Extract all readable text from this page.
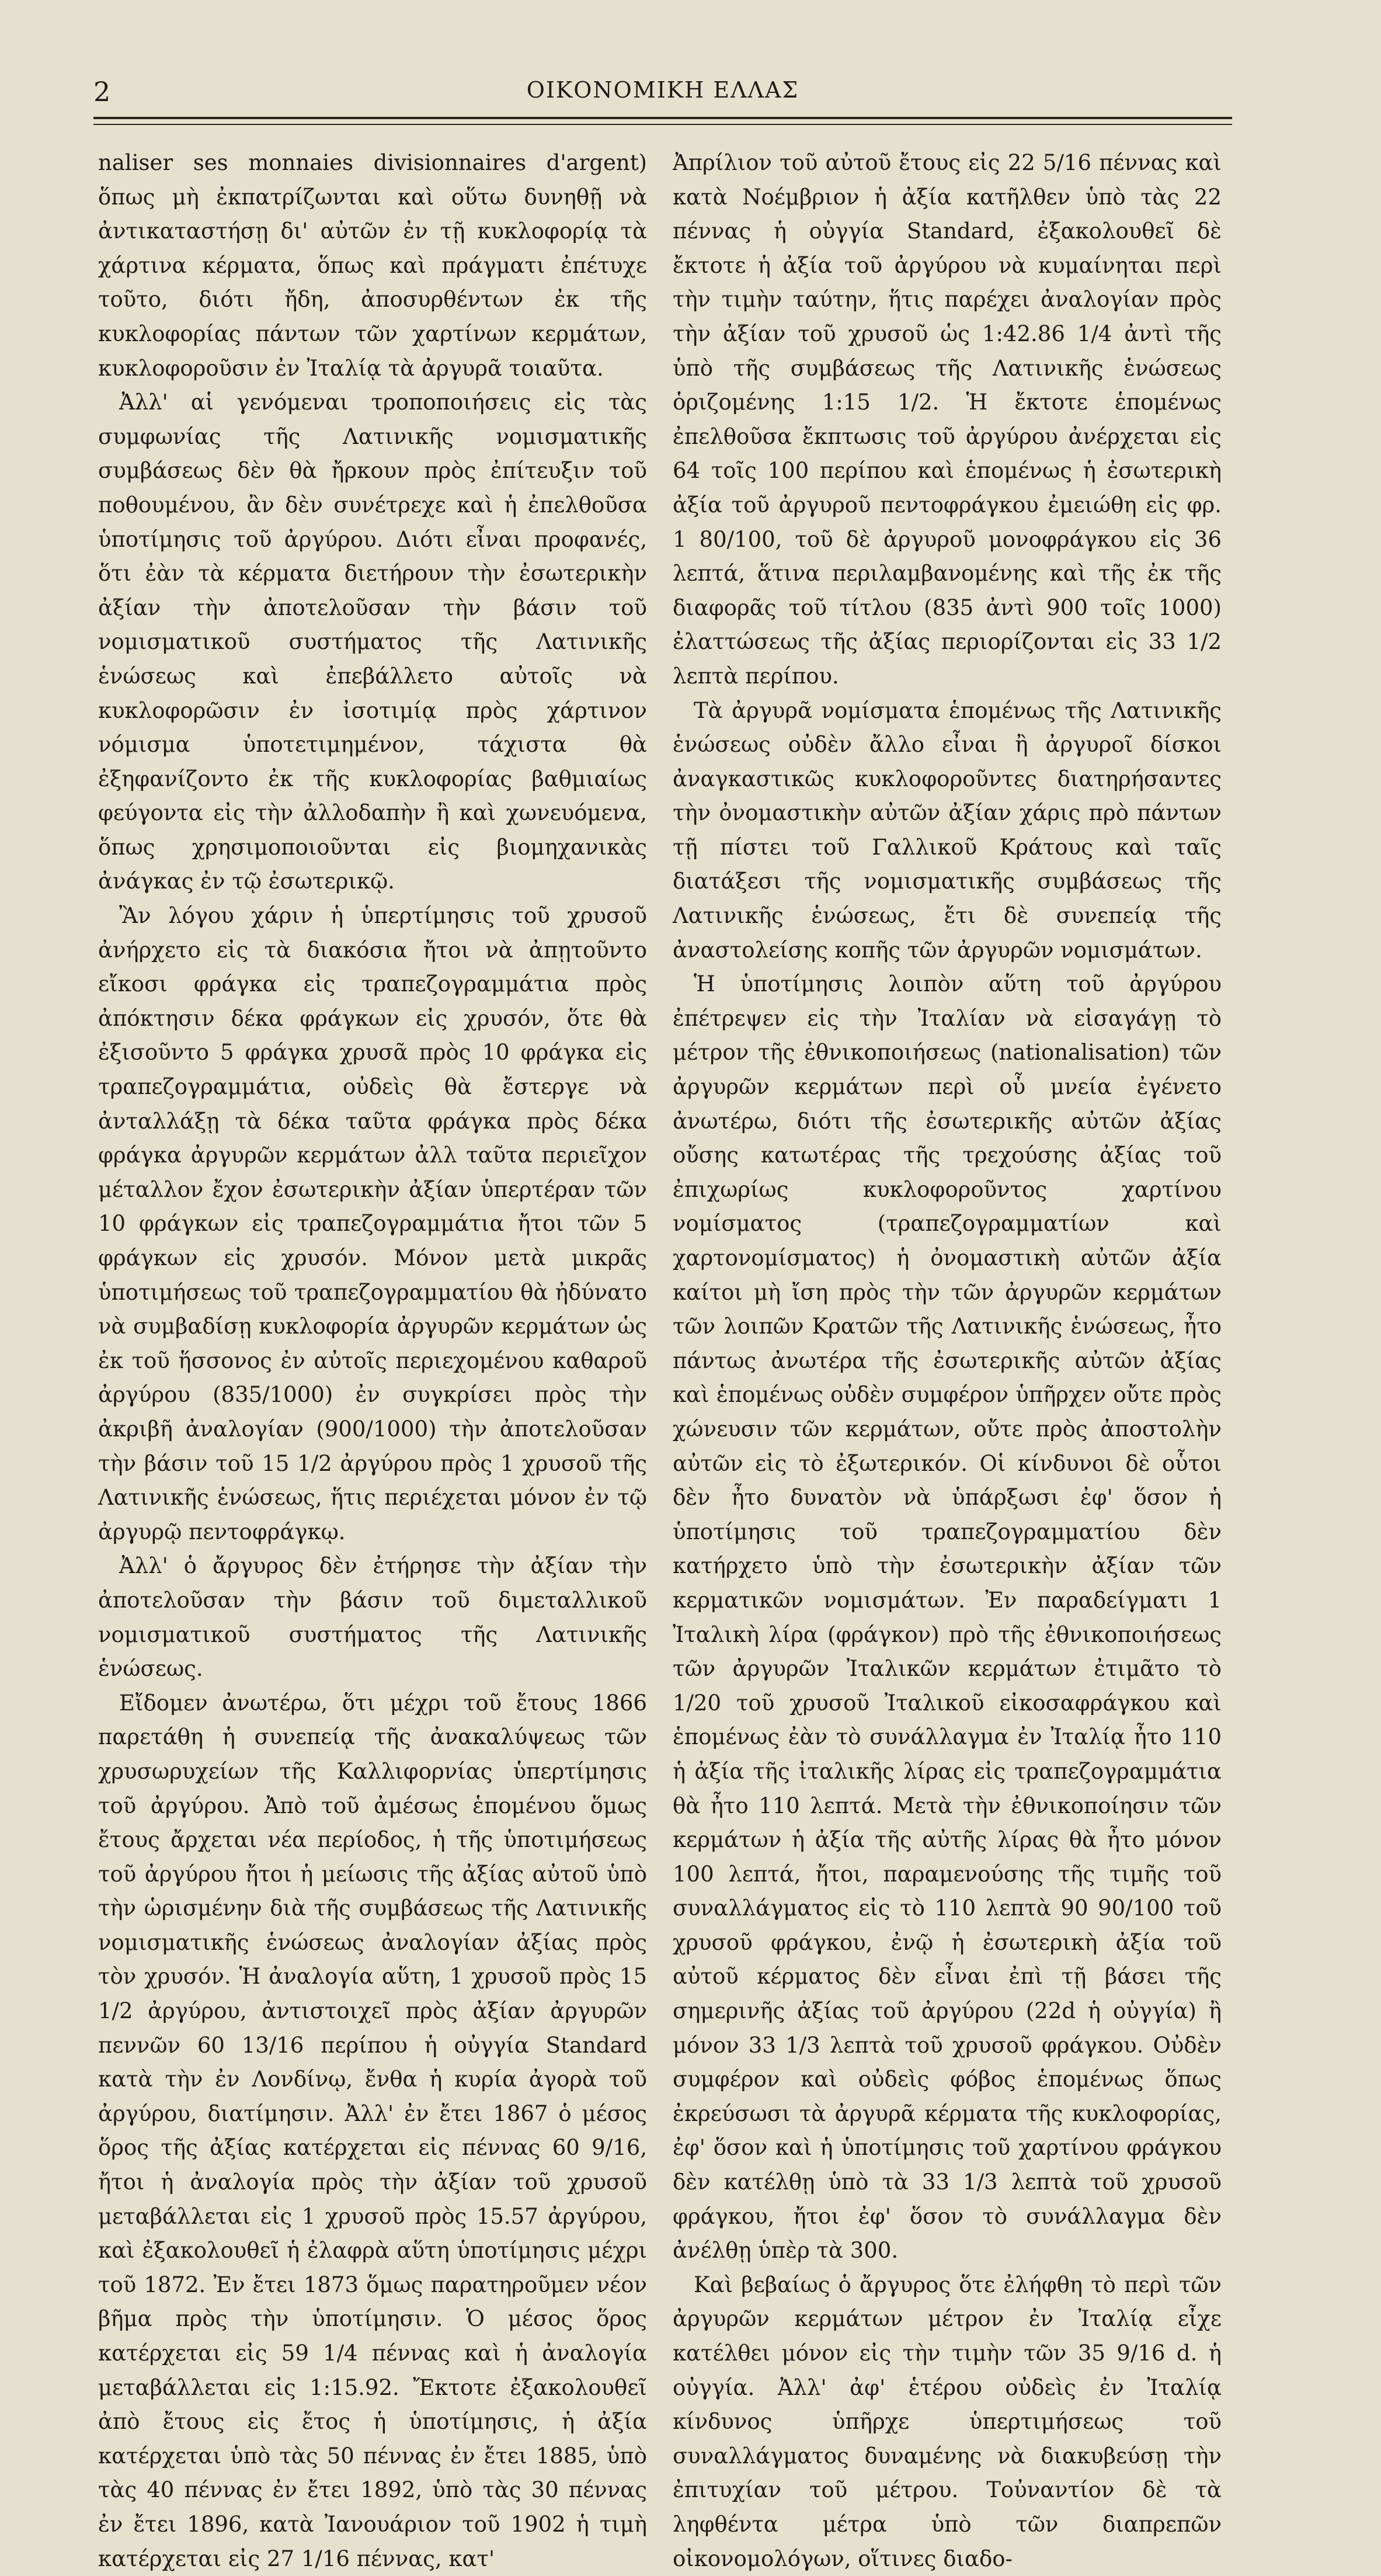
2	ΟΙΚΟΝΟΜΙΚΗ ΕΛΛΑΣ

naliser ses monnaies divisionnaires d'argent) ὅπως μὴ ἐκπατρίζωνται καὶ οὕτω δυνηθῇ νὰ ἀντικαταστήσῃ δι' αὐτῶν ἐν τῇ κυκλοφορίᾳ τὰ χάρτινα κέρματα, ὅπως καὶ πράγματι ἐπέτυχε τοῦτο, διότι ἤδη, ἀποσυρθέντων ἐκ τῆς κυκλοφορίας πάντων τῶν χαρτίνων κερμάτων, κυκλοφοροῦσιν ἐν Ἰταλίᾳ τὰ ἀργυρᾶ τοιαῦτα.

Ἀλλ' αἱ γενόμεναι τροποποιήσεις εἰς τὰς συμφωνίας τῆς Λατινικῆς νομισματικῆς συμβάσεως δὲν θὰ ἤρκουν πρὸς ἐπίτευξιν τοῦ ποθουμένου, ἂν δὲν συνέτρεχε καὶ ἡ ἐπελθοῦσα ὑποτίμησις τοῦ ἀργύρου. Διότι εἶναι προφανές, ὅτι ἐὰν τὰ κέρματα διετήρουν τὴν ἐσωτερικὴν ἀξίαν τὴν ἀποτελοῦσαν τὴν βάσιν τοῦ νομισματικοῦ συστήματος τῆς Λατινικῆς ἑνώσεως καὶ ἐπεβάλλετο αὐτοῖς νὰ κυκλοφορῶσιν ἐν ἰσοτιμίᾳ πρὸς χάρτινον νόμισμα ὑποτετιμημένον, τάχιστα θὰ ἐξηφανίζοντο ἐκ τῆς κυκλοφορίας βαθμιαίως φεύγοντα εἰς τὴν ἀλλοδαπὴν ἢ καὶ χωνευόμενα, ὅπως χρησιμοποιοῦνται εἰς βιομηχανικὰς ἀνάγκας ἐν τῷ ἐσωτερικῷ.

Ἂν λόγου χάριν ἡ ὑπερτίμησις τοῦ χρυσοῦ ἀνήρχετο εἰς τὰ διακόσια ἤτοι νὰ ἀπῃτοῦντο εἴκοσι φράγκα εἰς τραπεζογραμμάτια πρὸς ἀπόκτησιν δέκα φράγκων εἰς χρυσόν, ὅτε θὰ ἐξισοῦντο 5 φράγκα χρυσᾶ πρὸς 10 φράγκα εἰς τραπεζογραμμάτια, οὐδεὶς θὰ ἔστεργε νὰ ἀνταλλάξῃ τὰ δέκα ταῦτα φράγκα πρὸς δέκα φράγκα ἀργυρῶν κερμάτων ἀλλ ταῦτα περιεῖχον μέταλλον ἔχον ἐσωτερικὴν ἀξίαν ὑπερτέραν τῶν 10 φράγκων εἰς τραπεζογραμμάτια ἤτοι τῶν 5 φράγκων εἰς χρυσόν. Μόνον μετὰ μικρᾶς ὑποτιμήσεως τοῦ τραπεζογραμματίου θὰ ἠδύνατο νὰ συμβαδίσῃ κυκλοφορία ἀργυρῶν κερμάτων ὡς ἐκ τοῦ ἥσσονος ἐν αὐτοῖς περιεχομένου καθαροῦ ἀργύρου (835/1000) ἐν συγκρίσει πρὸς τὴν ἀκριβῆ ἀναλογίαν (900/1000) τὴν ἀποτελοῦσαν τὴν βάσιν τοῦ 15 1/2 ἀργύρου πρὸς 1 χρυσοῦ τῆς Λατινικῆς ἑνώσεως, ἥτις περιέχεται μόνον ἐν τῷ ἀργυρῷ πεντοφράγκῳ.

Ἀλλ' ὁ ἄργυρος δὲν ἐτήρησε τὴν ἀξίαν τὴν ἀποτελοῦσαν τὴν βάσιν τοῦ διμεταλλικοῦ νομισματικοῦ συστήματος τῆς Λατινικῆς ἑνώσεως.

Εἴδομεν ἀνωτέρω, ὅτι μέχρι τοῦ ἔτους 1866 παρετάθη ἡ συνεπείᾳ τῆς ἀνακαλύψεως τῶν χρυσωρυχείων τῆς Καλλιφορνίας ὑπερτίμησις τοῦ ἀργύρου. Ἀπὸ τοῦ ἀμέσως ἑπομένου ὅμως ἔτους ἄρχεται νέα περίοδος, ἡ τῆς ὑποτιμήσεως τοῦ ἀργύρου ἤτοι ἡ μείωσις τῆς ἀξίας αὐτοῦ ὑπὸ τὴν ὡρισμένην διὰ τῆς συμβάσεως τῆς Λατινικῆς νομισματικῆς ἑνώσεως ἀναλογίαν ἀξίας πρὸς τὸν χρυσόν. Ἡ ἀναλογία αὕτη, 1 χρυσοῦ πρὸς 15 1/2 ἀργύρου, ἀντιστοιχεῖ πρὸς ἀξίαν ἀργυρῶν πεννῶν 60 13/16 περίπου ἡ οὐγγία Standard κατὰ τὴν ἐν Λονδίνῳ, ἔνθα ἡ κυρία ἀγορὰ τοῦ ἀργύρου, διατίμησιν. Ἀλλ' ἐν ἔτει 1867 ὁ μέσος ὅρος τῆς ἀξίας κατέρχεται εἰς πέννας 60 9/16, ἤτοι ἡ ἀναλογία πρὸς τὴν ἀξίαν τοῦ χρυσοῦ μεταβάλλεται εἰς 1 χρυσοῦ πρὸς 15.57 ἀργύρου, καὶ ἐξακολουθεῖ ἡ ἐλαφρὰ αὕτη ὑποτίμησις μέχρι τοῦ 1872. Ἐν ἔτει 1873 ὅμως παρατηροῦμεν νέον βῆμα πρὸς τὴν ὑποτίμησιν. Ὁ μέσος ὅρος κατέρχεται εἰς 59 1/4 πέννας καὶ ἡ ἀναλογία μεταβάλλεται εἰς 1:15.92. Ἔκτοτε ἐξακολουθεῖ ἀπὸ ἔτους εἰς ἔτος ἡ ὑποτίμησις, ἡ ἀξία κατέρχεται ὑπὸ τὰς 50 πέννας ἐν ἔτει 1885, ὑπὸ τὰς 40 πέννας ἐν ἔτει 1892, ὑπὸ τὰς 30 πέννας ἐν ἔτει 1896, κατὰ Ἰανουάριον τοῦ 1902 ἡ τιμὴ κατέρχεται εἰς 27 1/16 πέννας, κατ'

Ἀπρίλιον τοῦ αὐτοῦ ἔτους εἰς 22 5/16 πέννας καὶ κατὰ Νοέμβριον ἡ ἀξία κατῆλθεν ὑπὸ τὰς 22 πέννας ἡ οὐγγία Standard, ἐξακολουθεῖ δὲ ἔκτοτε ἡ ἀξία τοῦ ἀργύρου νὰ κυμαίνηται περὶ τὴν τιμὴν ταύτην, ἥτις παρέχει ἀναλογίαν πρὸς τὴν ἀξίαν τοῦ χρυσοῦ ὡς 1:42.86 1/4 ἀντὶ τῆς ὑπὸ τῆς συμβάσεως τῆς Λατινικῆς ἑνώσεως ὁριζομένης 1:15 1/2. Ἡ ἔκτοτε ἑπομένως ἐπελθοῦσα ἔκπτωσις τοῦ ἀργύρου ἀνέρχεται εἰς 64 τοῖς 100 περίπου καὶ ἑπομένως ἡ ἐσωτερικὴ ἀξία τοῦ ἀργυροῦ πεντοφράγκου ἐμειώθη εἰς φρ. 1 80/100, τοῦ δὲ ἀργυροῦ μονοφράγκου εἰς 36 λεπτά, ἅτινα περιλαμβανομένης καὶ τῆς ἐκ τῆς διαφορᾶς τοῦ τίτλου (835 ἀντὶ 900 τοῖς 1000) ἐλαττώσεως τῆς ἀξίας περιορίζονται εἰς 33 1/2 λεπτὰ περίπου.

Τὰ ἀργυρᾶ νομίσματα ἑπομένως τῆς Λατινικῆς ἑνώσεως οὐδὲν ἄλλο εἶναι ἢ ἀργυροῖ δίσκοι ἀναγκαστικῶς κυκλοφοροῦντες διατηρήσαντες τὴν ὀνομαστικὴν αὐτῶν ἀξίαν χάρις πρὸ πάντων τῇ πίστει τοῦ Γαλλικοῦ Κράτους καὶ ταῖς διατάξεσι τῆς νομισματικῆς συμβάσεως τῆς Λατινικῆς ἑνώσεως, ἔτι δὲ συνεπείᾳ τῆς ἀναστολείσης κοπῆς τῶν ἀργυρῶν νομισμάτων.

Ἡ ὑποτίμησις λοιπὸν αὕτη τοῦ ἀργύρου ἐπέτρεψεν εἰς τὴν Ἰταλίαν νὰ εἰσαγάγῃ τὸ μέτρον τῆς ἐθνικοποιήσεως (nationalisation) τῶν ἀργυρῶν κερμάτων περὶ οὗ μνεία ἐγένετο ἀνωτέρω, διότι τῆς ἐσωτερικῆς αὐτῶν ἀξίας οὔσης κατωτέρας τῆς τρεχούσης ἀξίας τοῦ ἐπιχωρίως κυκλοφοροῦντος χαρτίνου νομίσματος (τραπεζογραμματίων καὶ χαρτονομίσματος) ἡ ὀνομαστικὴ αὐτῶν ἀξία καίτοι μὴ ἴση πρὸς τὴν τῶν ἀργυρῶν κερμάτων τῶν λοιπῶν Κρατῶν τῆς Λατινικῆς ἑνώσεως, ἦτο πάντως ἀνωτέρα τῆς ἐσωτερικῆς αὐτῶν ἀξίας καὶ ἑπομένως οὐδὲν συμφέρον ὑπῆρχεν οὔτε πρὸς χώνευσιν τῶν κερμάτων, οὔτε πρὸς ἀποστολὴν αὐτῶν εἰς τὸ ἐξωτερικόν. Οἱ κίνδυνοι δὲ οὗτοι δὲν ἦτο δυνατὸν νὰ ὑπάρξωσι ἐφ' ὅσον ἡ ὑποτίμησις τοῦ τραπεζογραμματίου δὲν κατήρχετο ὑπὸ τὴν ἐσωτερικὴν ἀξίαν τῶν κερματικῶν νομισμάτων. Ἐν παραδείγματι 1 Ἰταλικὴ λίρα (φράγκον) πρὸ τῆς ἐθνικοποιήσεως τῶν ἀργυρῶν Ἰταλικῶν κερμάτων ἐτιμᾶτο τὸ 1/20 τοῦ χρυσοῦ Ἰταλικοῦ εἰκοσαφράγκου καὶ ἑπομένως ἐὰν τὸ συνάλλαγμα ἐν Ἰταλίᾳ ἦτο 110 ἡ ἀξία τῆς ἰταλικῆς λίρας εἰς τραπεζογραμμάτια θὰ ἦτο 110 λεπτά. Μετὰ τὴν ἐθνικοποίησιν τῶν κερμάτων ἡ ἀξία τῆς αὐτῆς λίρας θὰ ἦτο μόνον 100 λεπτά, ἤτοι, παραμενούσης τῆς τιμῆς τοῦ συναλλάγματος εἰς τὸ 110 λεπτὰ 90 90/100 τοῦ χρυσοῦ φράγκου, ἐνῷ ἡ ἐσωτερικὴ ἀξία τοῦ αὐτοῦ κέρματος δὲν εἶναι ἐπὶ τῇ βάσει τῆς σημερινῆς ἀξίας τοῦ ἀργύρου (22d ἡ οὐγγία) ἢ μόνον 33 1/3 λεπτὰ τοῦ χρυσοῦ φράγκου. Οὐδὲν συμφέρον καὶ οὐδεὶς φόβος ἑπομένως ὅπως ἐκρεύσωσι τὰ ἀργυρᾶ κέρματα τῆς κυκλοφορίας, ἐφ' ὅσον καὶ ἡ ὑποτίμησις τοῦ χαρτίνου φράγκου δὲν κατέλθῃ ὑπὸ τὰ 33 1/3 λεπτὰ τοῦ χρυσοῦ φράγκου, ἤτοι ἐφ' ὅσον τὸ συνάλλαγμα δὲν ἀνέλθῃ ὑπὲρ τὰ 300.

Καὶ βεβαίως ὁ ἄργυρος ὅτε ἐλήφθη τὸ περὶ τῶν ἀργυρῶν κερμάτων μέτρον ἐν Ἰταλίᾳ εἶχε κατέλθει μόνον εἰς τὴν τιμὴν τῶν 35 9/16 d. ἡ οὐγγία. Ἀλλ' ἀφ' ἑτέρου οὐδεὶς ἐν Ἰταλίᾳ κίνδυνος ὑπῆρχε ὑπερτιμήσεως τοῦ συναλλάγματος δυναμένης νὰ διακυβεύσῃ τὴν ἐπιτυχίαν τοῦ μέτρου. Τοὐναντίον δὲ τὰ ληφθέντα μέτρα ὑπὸ τῶν διαπρεπῶν οἰκονομολόγων, οἵτινες διαδο-
